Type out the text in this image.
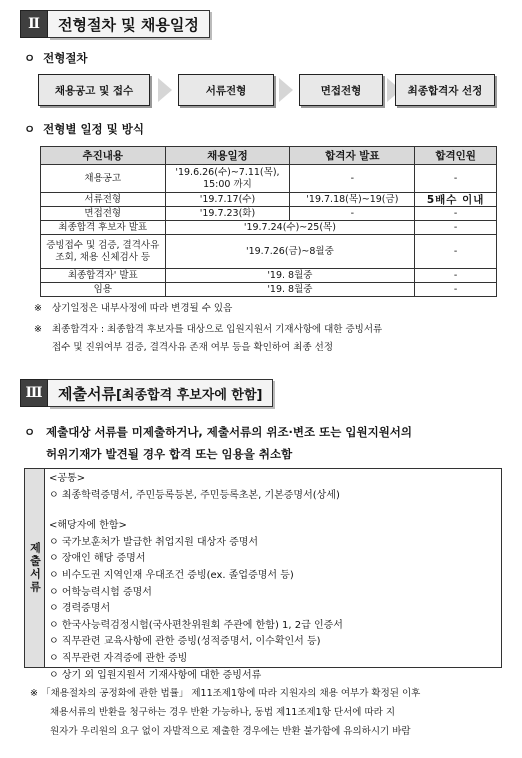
Ⅱ	전형절차 및 채용일정
ㅇ 전형절차
채용공고 및 접수	서류전형	면접전형	최종합격자 선정
ㅇ 전형별 일정 및 방식
추진내용	채용일정	합격자 발표	합격인원
채용공고	'19.6.26(수)~7.11(목), 15:00 까지	-	-
서류전형	'19.7.17(수)	'19.7.18(목)~19(금)	5배수 이내
면접전형	'19.7.23(화)	-	-
최종합격 후보자 발표	'19.7.24(수)~25(목)		-
증빙접수 및 검증, 결격사유 조회, 채용 신체검사 등	'19.7.26(금)~8월중		-
최종합격자' 발표	'19. 8월중		-
임용	'19. 8월중		-
※ 상기일정은 내부사정에 따라 변경될 수 있음
※ 최종합격자 : 최종합격 후보자를 대상으로 입원지원서 기재사항에 대한 증빙서류
접수 및 진위여부 검증, 결격사유 존재 여부 등을 확인하여 최종 선정
Ⅲ	제출서류 [최종합격 후보자에 한함]
ㅇ 제출대상 서류를 미제출하거나, 제출서류의 위조·변조 또는 입원지원서의
허위기재가 발견될 경우 합격 또는 임용을 취소함
제출서류
<공통>
ㅇ 최종학력증명서, 주민등록등본, 주민등록초본, 기본증명서(상세)
<해당자에 한함>
ㅇ 국가보훈처가 발급한 취업지원 대상자 증명서
ㅇ 장애인 해당 증명서
ㅇ 비수도권 지역인재 우대조건 증빙(ex. 졸업증명서 등)
ㅇ 어학능력시험 증명서
ㅇ 경력증명서
ㅇ 한국사능력검정시험(국사편찬위원회 주관에 한함) 1, 2급 인증서
ㅇ 직무관련 교육사항에 관한 증빙(성적증명서, 이수확인서 등)
ㅇ 직무관련 자격증에 관한 증빙
ㅇ 상기 외 입원지원서 기재사항에 대한 증빙서류
※ 「채용절차의 공정화에 관한 법률」 제11조제1항에 따라 지원자의 채용 여부가 확정된 이후
채용서류의 반환을 청구하는 경우 반환 가능하나, 동법 제11조제1항 단서에 따라 지
원자가 우리원의 요구 없이 자발적으로 제출한 경우에는 반환 불가함에 유의하시기 바람
